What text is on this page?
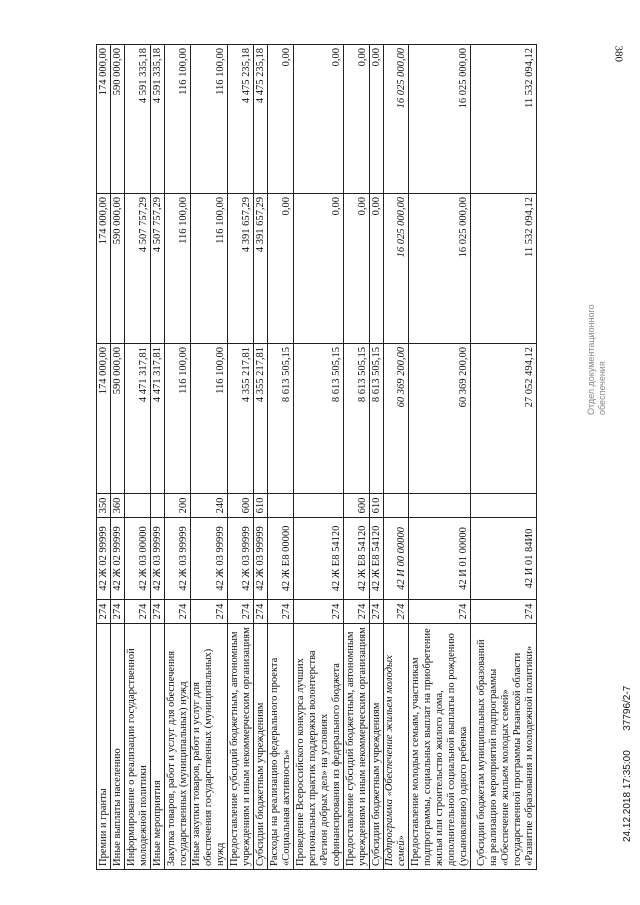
380
Премии и гранты	274	42 Ж 02 99999	350	174 000,00	174 000,00	174 000,00
Иные выплаты населению	274	42 Ж 02 99999	360	590 000,00	590 000,00	590 000,00
Информирование о реализации государственной молодежной политики	274	42 Ж 03 00000		4 471 317,81	4 507 757,29	4 591 335,18
Иные мероприятия	274	42 Ж 03 99999		4 471 317,81	4 507 757,29	4 591 335,18
Закупка товаров, работ и услуг для обеспечения государственных (муниципальных) нужд	274	42 Ж 03 99999	200	116 100,00	116 100,00	116 100,00
Иные закупки товаров, работ и услуг для обеспечения государственных (муниципальных) нужд	274	42 Ж 03 99999	240	116 100,00	116 100,00	116 100,00
Предоставление субсидий бюджетным, автономным учреждениям и иным некоммерческим организациям	274	42 Ж 03 99999	600	4 355 217,81	4 391 657,29	4 475 235,18
Субсидии бюджетным учреждениям	274	42 Ж 03 99999	610	4 355 217,81	4 391 657,29	4 475 235,18
Расходы на реализацию федерального проекта «Социальная активность»	274	42 Ж E8 00000		8 613 505,15	0,00	0,00
Проведение Всероссийского конкурса лучших региональных практик поддержки волонтерства «Регион добрых дел» на условиях софинансирования из федерального бюджета	274	42 Ж E8 54120		8 613 505,15	0,00	0,00
Предоставление субсидий бюджетным, автономным учреждениям и иным некоммерческим организациям	274	42 Ж E8 54120	600	8 613 505,15	0,00	0,00
Субсидии бюджетным учреждениям	274	42 Ж E8 54120	610	8 613 505,15	0,00	0,00
Подпрограмма «Обеспечение жильем молодых семей»	274	42 И 00 00000		60 369 200,00	16 025 000,00	16 025 000,00
Предоставление молодым семьям, участникам подпрограммы, социальных выплат на приобретение жилья или строительство жилого дома, дополнительной социальной выплаты по рождению (усыновлению) одного ребенка	274	42 И 01 00000		60 369 200,00	16 025 000,00	16 025 000,00
Субсидии бюджетам муниципальных образований на реализацию мероприятий подпрограммы «Обеспечение жильем молодых семей» государственной программы Рязанской области «Развитие образования и молодежной политики»	274	42 И 01 84И0		27 052 494,12	11 532 094,12	11 532 094,12
Отдел документационного обеспечения
24.12.2018 17:35:00       37796/2-7
